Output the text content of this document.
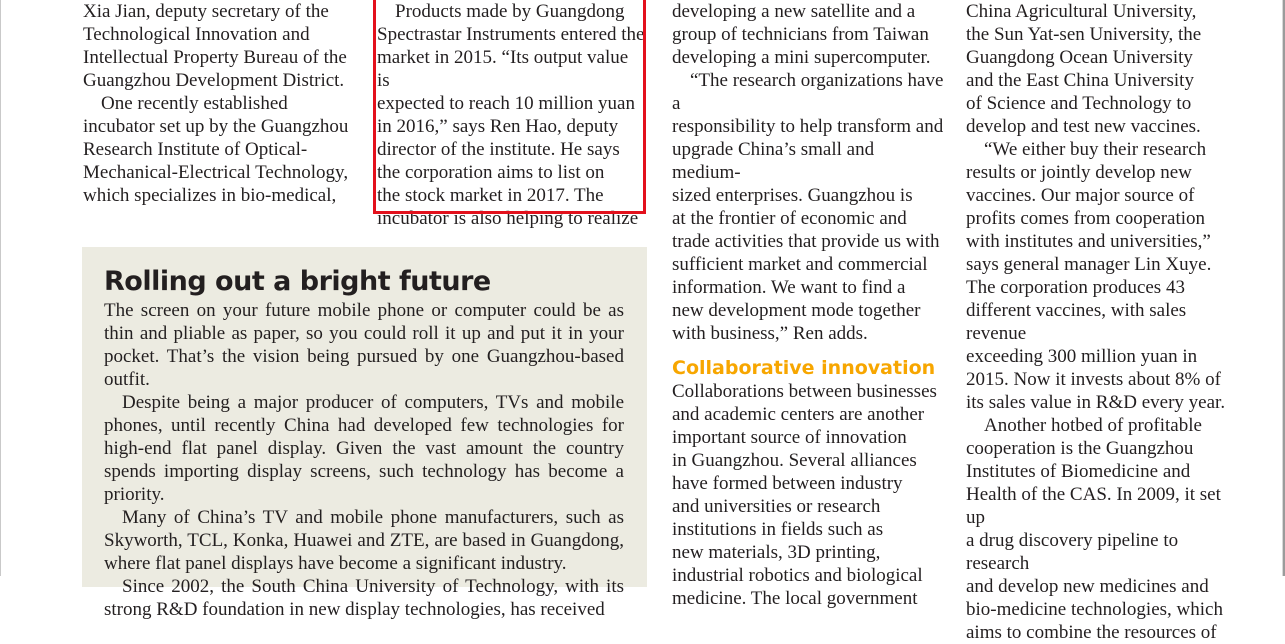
Xia Jian, deputy secretary of the
Technological Innovation and
Intellectual Property Bureau of the
Guangzhou Development District.
One recently established
incubator set up by the Guangzhou
Research Institute of Optical-
Mechanical-Electrical Technology,
which specializes in bio-medical,
Products made by Guangdong
Spectrastar Instruments entered the
market in 2015. “Its output value is
expected to reach 10 million yuan
in 2016,” says Ren Hao, deputy
director of the institute. He says
the corporation aims to list on
the stock market in 2017. The
incubator is also helping to realize
Rolling out a bright future

The screen on your future mobile phone or computer could be as thin and pliable as paper, so you could roll it up and put it in your pocket. That’s the vision being pursued by one Guangzhou-based outfit.

Despite being a major producer of computers, TVs and mobile phones, until recently China had developed few technologies for high-end flat panel display. Given the vast amount the country spends importing display screens, such technology has become a priority.

Many of China’s TV and mobile phone manufacturers, such as Skyworth, TCL, Konka, Huawei and ZTE, are based in Guangdong, where flat panel displays have become a significant industry.

Since 2002, the South China University of Technology, with its strong R&D foundation in new display technologies, has received

developing a new satellite and a
group of technicians from Taiwan
developing a mini supercomputer.
“The research organizations have a
responsibility to help transform and
upgrade China’s small and medium-
sized enterprises. Guangzhou is
at the frontier of economic and
trade activities that provide us with
sufficient market and commercial
information. We want to find a
new development mode together
with business,” Ren adds.
Collaborative innovation
Collaborations between businesses
and academic centers are another
important source of innovation
in Guangzhou. Several alliances
have formed between industry
and universities or research
institutions in fields such as
new materials, 3D printing,
industrial robotics and biological
medicine. The local government
China Agricultural University,
the Sun Yat-sen University, the
Guangdong Ocean University
and the East China University
of Science and Technology to
develop and test new vaccines.
“We either buy their research
results or jointly develop new
vaccines. Our major source of
profits comes from cooperation
with institutes and universities,”
says general manager Lin Xuye.
The corporation produces 43
different vaccines, with sales revenue
exceeding 300 million yuan in
2015. Now it invests about 8% of
its sales value in R&D every year.
Another hotbed of profitable
cooperation is the Guangzhou
Institutes of Biomedicine and
Health of the CAS. In 2009, it set up
a drug discovery pipeline to research
and develop new medicines and
bio-medicine technologies, which
aims to combine the resources of
